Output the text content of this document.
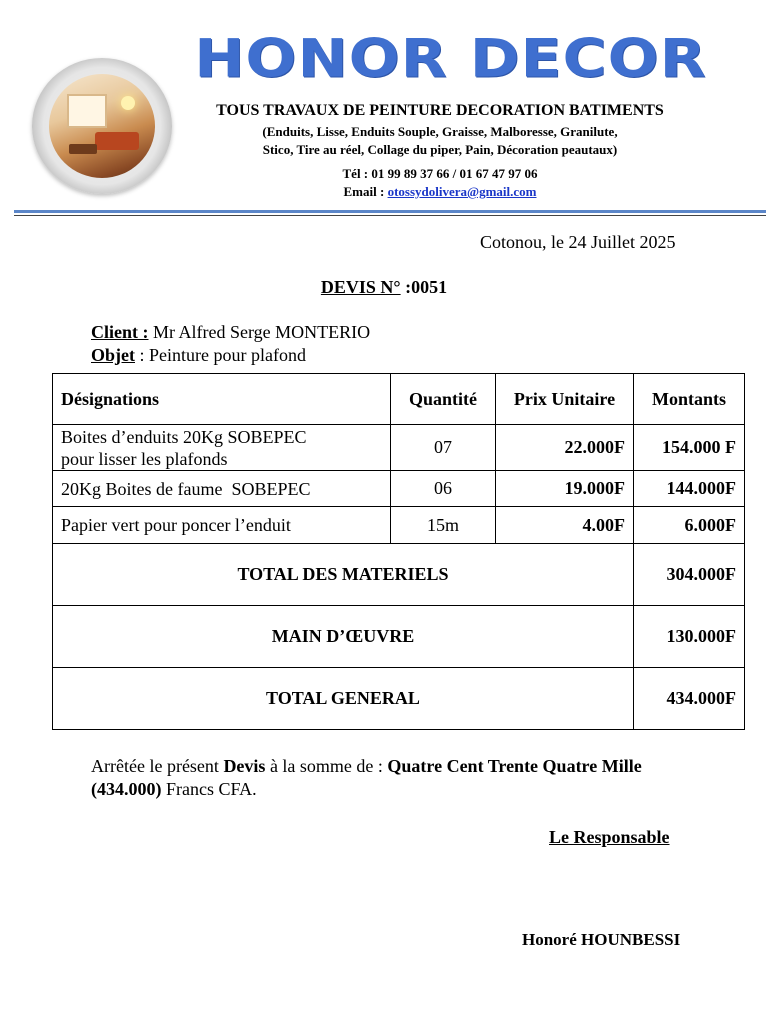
HONOR DECOR
TOUS TRAVAUX DE PEINTURE DECORATION BATIMENTS
(Enduits, Lisse, Enduits Souple, Graisse, Malboresse, Granilute,
Stico, Tire au réel, Collage du piper, Pain, Décoration peautaux)
Tél : 01 99 89 37 66 / 01 67 47 97 06
Email : otossydolivera@gmail.com
Cotonou, le 24 Juillet 2025
DEVIS N° :0051
Client : Mr Alfred Serge MONTERIO
Objet : Peinture pour plafond
Désignations	Quantité	Prix Unitaire	Montants

Boites d’enduits 20Kg SOBEPEC
pour lisser les plafonds	07	22.000F	154.000 F
20Kg Boites de faume  SOBEPEC	06	19.000F	144.000F
Papier vert pour poncer l’enduit	15m	4.00F	6.000F
TOTAL DES MATERIELS			304.000F
MAIN D’ŒUVRE			130.000F
TOTAL GENERAL			434.000F
Arrêtée le présent Devis à la somme de : Quatre Cent Trente Quatre Mille (434.000) Francs CFA.
Le Responsable
Honoré HOUNBESSI
